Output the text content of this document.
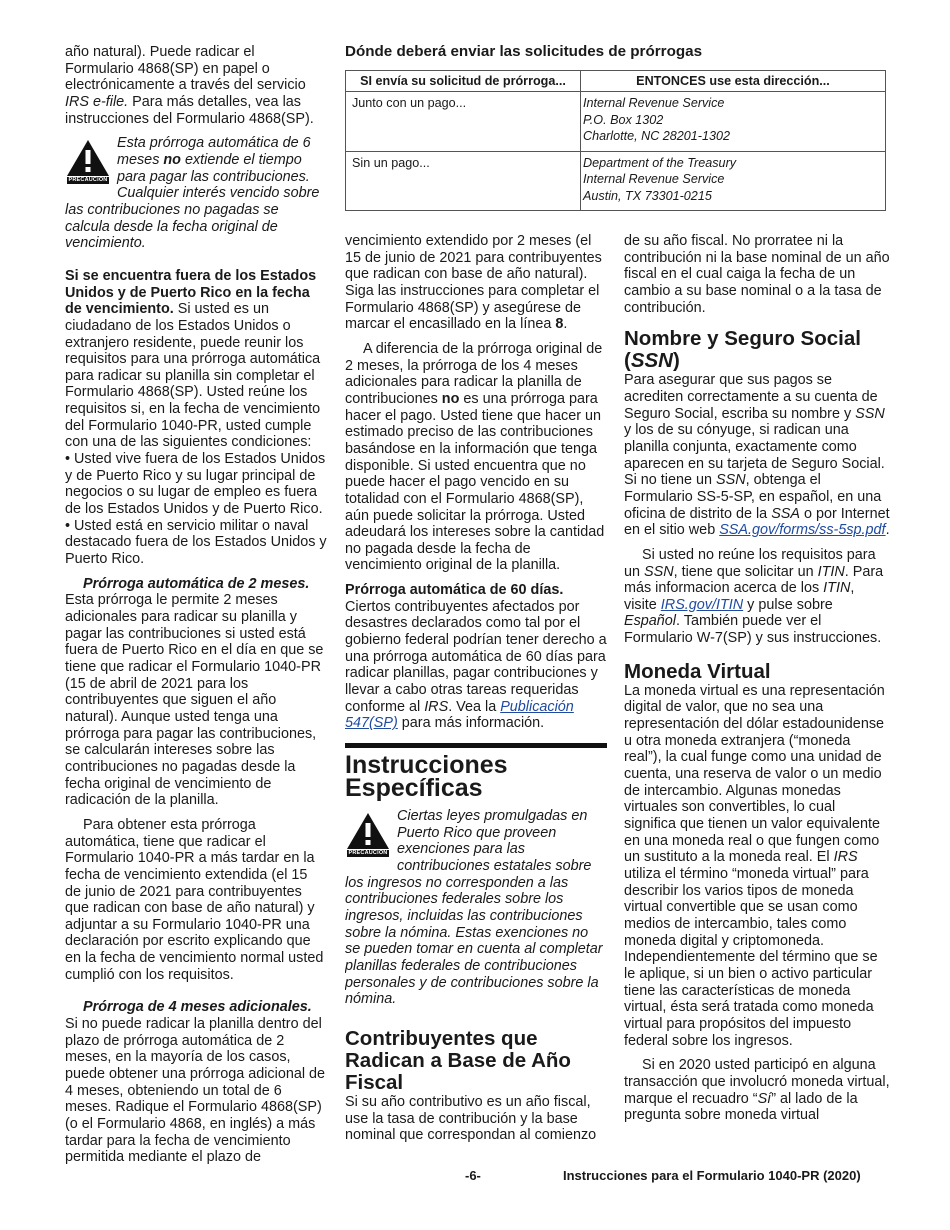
Dónde deberá enviar las solicitudes de prórrogas
SI envía su solicitud de prórroga...	ENTONCES use esta dirección...
Junto con un pago...	Internal Revenue Service
P.O. Box 1302
Charlotte, NC 28201-1302

Sin un pago...	Department of the Treasury
Internal Revenue Service
Austin, TX 73301-0215

año natural). Puede radicar el Formulario 4868(SP) en papel o electrónicamente a través del servicio IRS e-file. Para más detalles, vea las instrucciones del Formulario 4868(SP).

PRECAUCIÓN
Esta prórroga automática de 6 meses no extiende el tiempo para pagar las contribuciones. Cualquier interés vencido sobre las contribuciones no pagadas se calcula desde la fecha original de vencimiento.

Si se encuentra fuera de los Estados Unidos y de Puerto Rico en la fecha de vencimiento. Si usted es un ciudadano de los Estados Unidos o extranjero residente, puede reunir los requisitos para una prórroga automática para radicar su planilla sin completar el Formulario 4868(SP). Usted reúne los requisitos si, en la fecha de vencimiento del Formulario 1040-PR, usted cumple con una de las siguientes condiciones:

• Usted vive fuera de los Estados Unidos y de Puerto Rico y su lugar principal de negocios o su lugar de empleo es fuera de los Estados Unidos y de Puerto Rico.

• Usted está en servicio militar o naval destacado fuera de los Estados Unidos y Puerto Rico.

Prórroga automática de 2 meses.

Esta prórroga le permite 2 meses adicionales para radicar su planilla y pagar las contribuciones si usted está fuera de Puerto Rico en el día en que se tiene que radicar el Formulario 1040-PR (15 de abril de 2021 para los contribuyentes que siguen el año natural). Aunque usted tenga una prórroga para pagar las contribuciones, se calcularán intereses sobre las contribuciones no pagadas desde la fecha original de vencimiento de radicación de la planilla.

Para obtener esta prórroga automática, tiene que radicar el Formulario 1040-PR a más tardar en la fecha de vencimiento extendida (el 15 de junio de 2021 para contribuyentes que radican con base de año natural) y adjuntar a su Formulario 1040-PR una declaración por escrito explicando que en la fecha de vencimiento normal usted cumplió con los requisitos.

Prórroga de 4 meses adicionales.

Si no puede radicar la planilla dentro del plazo de prórroga automática de 2 meses, en la mayoría de los casos, puede obtener una prórroga adicional de 4 meses, obteniendo un total de 6 meses. Radique el Formulario 4868(SP) (o el Formulario 4868, en inglés) a más tardar para la fecha de vencimiento permitida mediante el plazo de

vencimiento extendido por 2 meses (el 15 de junio de 2021 para contribuyentes que radican con base de año natural). Siga las instrucciones para completar el Formulario 4868(SP) y asegúrese de marcar el encasillado en la línea 8.

A diferencia de la prórroga original de 2 meses, la prórroga de los 4 meses adicionales para radicar la planilla de contribuciones no es una prórroga para hacer el pago. Usted tiene que hacer un estimado preciso de las contribuciones basándose en la información que tenga disponible. Si usted encuentra que no puede hacer el pago vencido en su totalidad con el Formulario 4868(SP), aún puede solicitar la prórroga. Usted adeudará los intereses sobre la cantidad no pagada desde la fecha de vencimiento original de la planilla.

Prórroga automática de 60 días.
Ciertos contribuyentes afectados por desastres declarados como tal por el gobierno federal podrían tener derecho a una prórroga automática de 60 días para radicar planillas, pagar contribuciones y llevar a cabo otras tareas requeridas conforme al IRS. Vea la Publicación 547(SP) para más información.

Instrucciones
Específicas
PRECAUCIÓN
Ciertas leyes promulgadas en Puerto Rico que proveen exenciones para las contribuciones estatales sobre los ingresos no corresponden a las contribuciones federales sobre los ingresos, incluidas las contribuciones sobre la nómina. Estas exenciones no se pueden tomar en cuenta al completar planillas federales de contribuciones personales y de contribuciones sobre la nómina.
Contribuyentes que Radican a Base de Año Fiscal

Si su año contributivo es un año fiscal, use la tasa de contribución y la base nominal que correspondan al comienzo

de su año fiscal. No prorratee ni la contribución ni la base nominal de un año fiscal en el cual caiga la fecha de un cambio a su base nominal o a la tasa de contribución.

Nombre y Seguro Social (SSN)

Para asegurar que sus pagos se acrediten correctamente a su cuenta de Seguro Social, escriba su nombre y SSN y los de su cónyuge, si radican una planilla conjunta, exactamente como aparecen en su tarjeta de Seguro Social. Si no tiene un SSN, obtenga el Formulario SS-5-SP, en español, en una oficina de distrito de la SSA o por Internet en el sitio web SSA.gov/forms/ss-5sp.pdf.

Si usted no reúne los requisitos para un SSN, tiene que solicitar un ITIN. Para más informacion acerca de los ITIN, visite IRS.gov/ITIN y pulse sobre Español. También puede ver el Formulario W-7(SP) y sus instrucciones.

Moneda Virtual

La moneda virtual es una representación digital de valor, que no sea una representación del dólar estadounidense u otra moneda extranjera (“moneda real”), la cual funge como una unidad de cuenta, una reserva de valor o un medio de intercambio. Algunas monedas virtuales son convertibles, lo cual significa que tienen un valor equivalente en una moneda real o que fungen como un sustituto a la moneda real. El IRS utiliza el término “moneda virtual” para describir los varios tipos de moneda virtual convertible que se usan como medios de intercambio, tales como moneda digital y criptomoneda. Independientemente del término que se le aplique, si un bien o activo particular tiene las características de moneda virtual, ésta será tratada como moneda virtual para propósitos del impuesto federal sobre los ingresos.

Si en 2020 usted participó en alguna transacción que involucró moneda virtual, marque el recuadro “Sí” al lado de la pregunta sobre moneda virtual

-6-	Instrucciones para el Formulario 1040-PR (2020)
